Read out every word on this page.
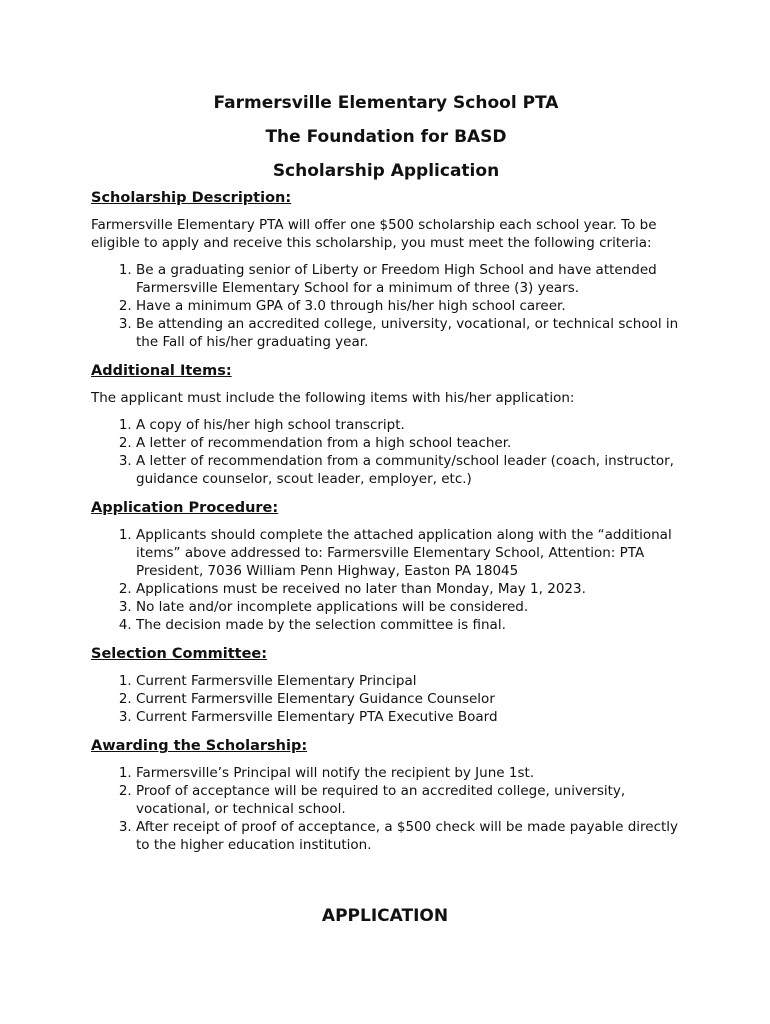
Farmersville Elementary School PTA
The Foundation for BASD
Scholarship Application
Scholarship Description:

Farmersville Elementary PTA will offer one $500 scholarship each school year. To be eligible to apply and receive this scholarship, you must meet the following criteria:

1. Be a graduating senior of Liberty or Freedom High School and have attended Farmersville Elementary School for a minimum of three (3) years.
2. Have a minimum GPA of 3.0 through his/her high school career.
3. Be attending an accredited college, university, vocational, or technical school in the Fall of his/her graduating year.
Additional Items:

The applicant must include the following items with his/her application:

1. A copy of his/her high school transcript.
2. A letter of recommendation from a high school teacher.
3. A letter of recommendation from a community/school leader (coach, instructor, guidance counselor, scout leader, employer, etc.)
Application Procedure:
1. Applicants should complete the attached application along with the “additional items” above addressed to: Farmersville Elementary School, Attention: PTA President, 7036 William Penn Highway, Easton PA 18045
2. Applications must be received no later than Monday, May 1, 2023.
3. No late and/or incomplete applications will be considered.
4. The decision made by the selection committee is final.
Selection Committee:
1. Current Farmersville Elementary Principal
2. Current Farmersville Elementary Guidance Counselor
3. Current Farmersville Elementary PTA Executive Board
Awarding the Scholarship:
1. Farmersville’s Principal will notify the recipient by June 1st.
2. Proof of acceptance will be required to an accredited college, university, vocational, or technical school.
3. After receipt of proof of acceptance, a $500 check will be made payable directly to the higher education institution.
APPLICATION
